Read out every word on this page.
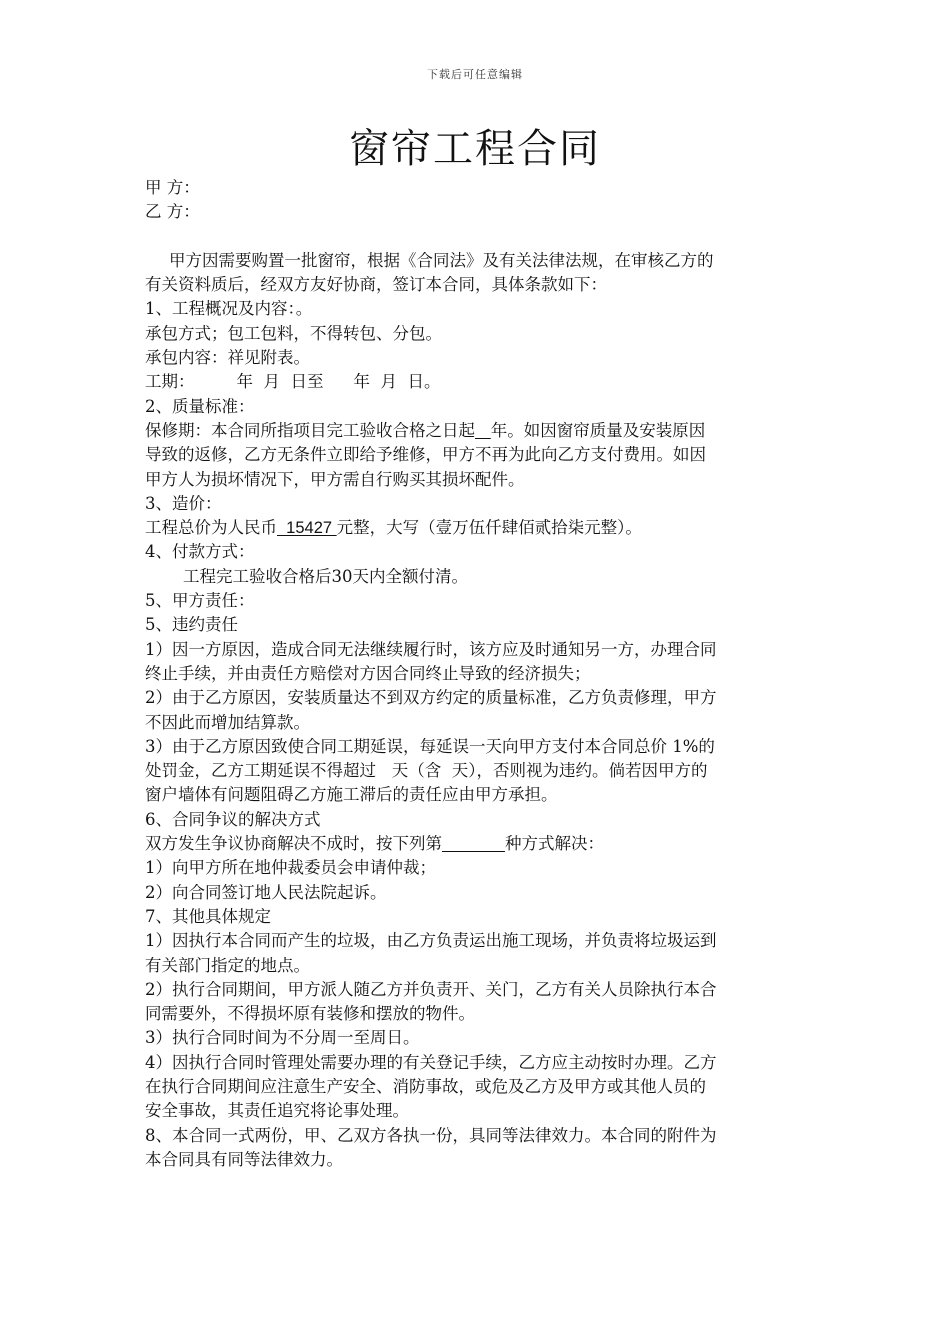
下载后可任意编辑
窗帘工程合同
甲 方：
乙 方：
甲方因需要购置一批窗帘，根据《合同法》及有关法律法规，在审核乙方的
有关资料质后，经双方友好协商，签订本合同，具体条款如下：
1、工程概况及内容：。
承包方式；包工包料，不得转包、分包。
承包内容：祥见附表。
工期：	年  月  日至 年  月  日。
2、质量标准：
保修期：本合同所指项目完工验收合格之日起 年。如因窗帘质量及安装原因
导致的返修，乙方无条件立即给予维修，甲方不再为此向乙方支付费用。如因
甲方人为损坏情况下，甲方需自行购买其损坏配件。
3、造价：
工程总价为人民币  15427 元整，大写（壹万伍仟肆佰贰拾柒元整）。
4、付款方式：
工程完工验收合格后30天内全额付清。
5、甲方责任：
5、违约责任
1）因一方原因，造成合同无法继续履行时，该方应及时通知另一方，办理合同
终止手续，并由责任方赔偿对方因合同终止导致的经济损失；
2）由于乙方原因，安装质量达不到双方约定的质量标准，乙方负责修理，甲方
不因此而增加结算款。
3）由于乙方原因致使合同工期延误，每延误一天向甲方支付本合同总价 1%的
处罚金，乙方工期延误不得超过   天（含  天），否则视为违约。倘若因甲方的
窗户墙体有问题阻碍乙方施工滞后的责任应由甲方承担。
6、合同争议的解决方式
双方发生争议协商解决不成时，按下列第	种方式解决：
1）向甲方所在地仲裁委员会申请仲裁；
2）向合同签订地人民法院起诉。
7、其他具体规定
1）因执行本合同而产生的垃圾，由乙方负责运出施工现场，并负责将垃圾运到
有关部门指定的地点。
2）执行合同期间，甲方派人随乙方并负责开、关门，乙方有关人员除执行本合
同需要外，不得损坏原有装修和摆放的物件。
3）执行合同时间为不分周一至周日。
4）因执行合同时管理处需要办理的有关登记手续，乙方应主动按时办理。乙方
在执行合同期间应注意生产安全、消防事故，或危及乙方及甲方或其他人员的
安全事故，其责任追究将论事处理。
8、本合同一式两份，甲、乙双方各执一份，具同等法律效力。本合同的附件为
本合同具有同等法律效力。
